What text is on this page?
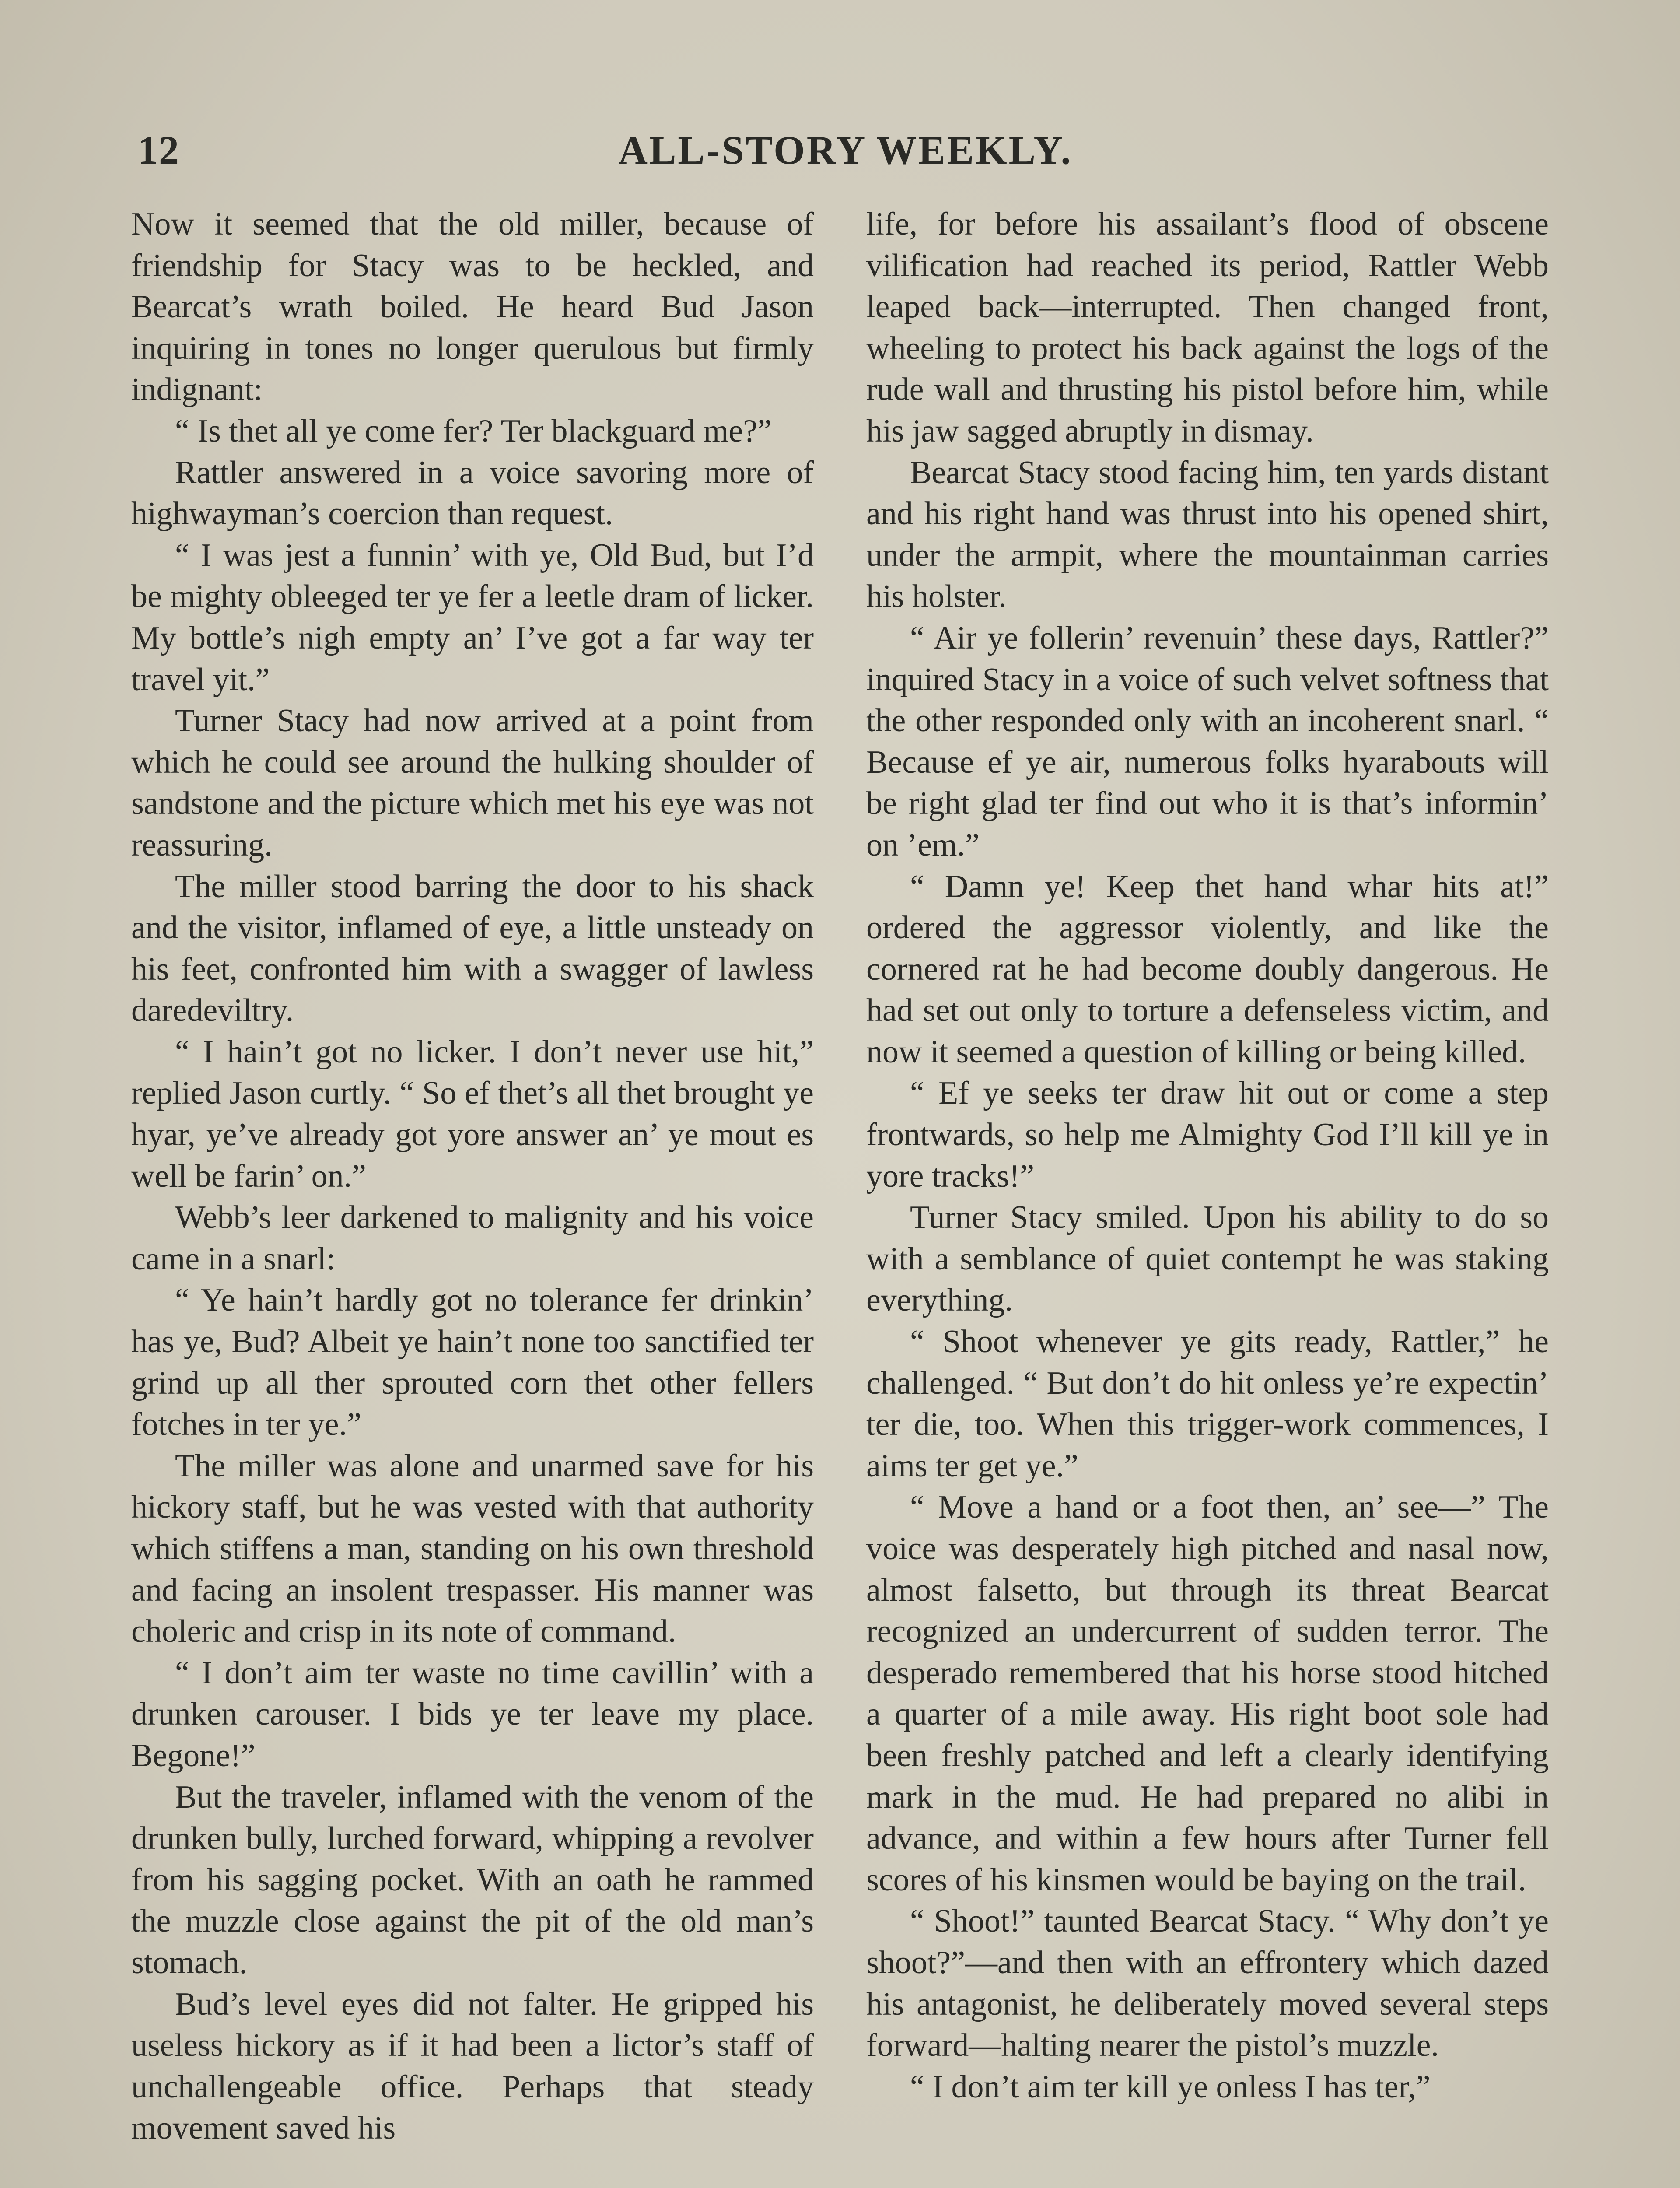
12	ALL-STORY WEEKLY.

Now it seemed that the old miller, because of friendship for Stacy was to be heckled, and Bearcat’s wrath boiled. He heard Bud Jason inquiring in tones no longer querulous but firmly indignant:

“ Is thet all ye come fer? Ter blackguard me?”

Rattler answered in a voice savoring more of highwayman’s coercion than request.

“ I was jest a funnin’ with ye, Old Bud, but I’d be mighty obleeged ter ye fer a leetle dram of licker. My bottle’s nigh empty an’ I’ve got a far way ter travel yit.”

Turner Stacy had now arrived at a point from which he could see around the hulking shoulder of sandstone and the picture which met his eye was not reassuring.

The miller stood barring the door to his shack and the visitor, inflamed of eye, a little unsteady on his feet, confronted him with a swagger of lawless daredeviltry.

“ I hain’t got no licker. I don’t never use hit,” replied Jason curtly. “ So ef thet’s all thet brought ye hyar, ye’ve already got yore answer an’ ye mout es well be farin’ on.”

Webb’s leer darkened to malignity and his voice came in a snarl:

“ Ye hain’t hardly got no tolerance fer drinkin’ has ye, Bud? Albeit ye hain’t none too sanctified ter grind up all ther sprouted corn thet other fellers fotches in ter ye.”

The miller was alone and unarmed save for his hickory staff, but he was vested with that authority which stiffens a man, standing on his own threshold and facing an insolent trespasser. His manner was choleric and crisp in its note of command.

“ I don’t aim ter waste no time cavillin’ with a drunken carouser. I bids ye ter leave my place. Begone!”

But the traveler, inflamed with the venom of the drunken bully, lurched forward, whipping a revolver from his sagging pocket. With an oath he rammed the muzzle close against the pit of the old man’s stomach.

Bud’s level eyes did not falter. He gripped his useless hickory as if it had been a lictor’s staff of unchallengeable office. Perhaps that steady movement saved his

life, for before his assailant’s flood of obscene vilification had reached its period, Rattler Webb leaped back—interrupted. Then changed front, wheeling to protect his back against the logs of the rude wall and thrusting his pistol before him, while his jaw sagged abruptly in dismay.

Bearcat Stacy stood facing him, ten yards distant and his right hand was thrust into his opened shirt, under the armpit, where the mountainman carries his holster.

“ Air ye follerin’ revenuin’ these days, Rattler?” inquired Stacy in a voice of such velvet softness that the other responded only with an incoherent snarl. “ Because ef ye air, numerous folks hyarabouts will be right glad ter find out who it is that’s informin’ on ’em.”

“ Damn ye! Keep thet hand whar hits at!” ordered the aggressor violently, and like the cornered rat he had become doubly dangerous. He had set out only to torture a defenseless victim, and now it seemed a question of killing or being killed.

“ Ef ye seeks ter draw hit out or come a step frontwards, so help me Almighty God I’ll kill ye in yore tracks!”

Turner Stacy smiled. Upon his ability to do so with a semblance of quiet contempt he was staking everything.

“ Shoot whenever ye gits ready, Rattler,” he challenged. “ But don’t do hit onless ye’re expectin’ ter die, too. When this trigger-work commences, I aims ter get ye.”

“ Move a hand or a foot then, an’ see—” The voice was desperately high pitched and nasal now, almost falsetto, but through its threat Bearcat recognized an undercurrent of sudden terror. The desperado remembered that his horse stood hitched a quarter of a mile away. His right boot sole had been freshly patched and left a clearly identifying mark in the mud. He had prepared no alibi in advance, and within a few hours after Turner fell scores of his kinsmen would be baying on the trail.

“ Shoot!” taunted Bearcat Stacy. “ Why don’t ye shoot?”—and then with an effrontery which dazed his antagonist, he deliberately moved several steps forward—halting nearer the pistol’s muzzle.

“ I don’t aim ter kill ye onless I has ter,”
